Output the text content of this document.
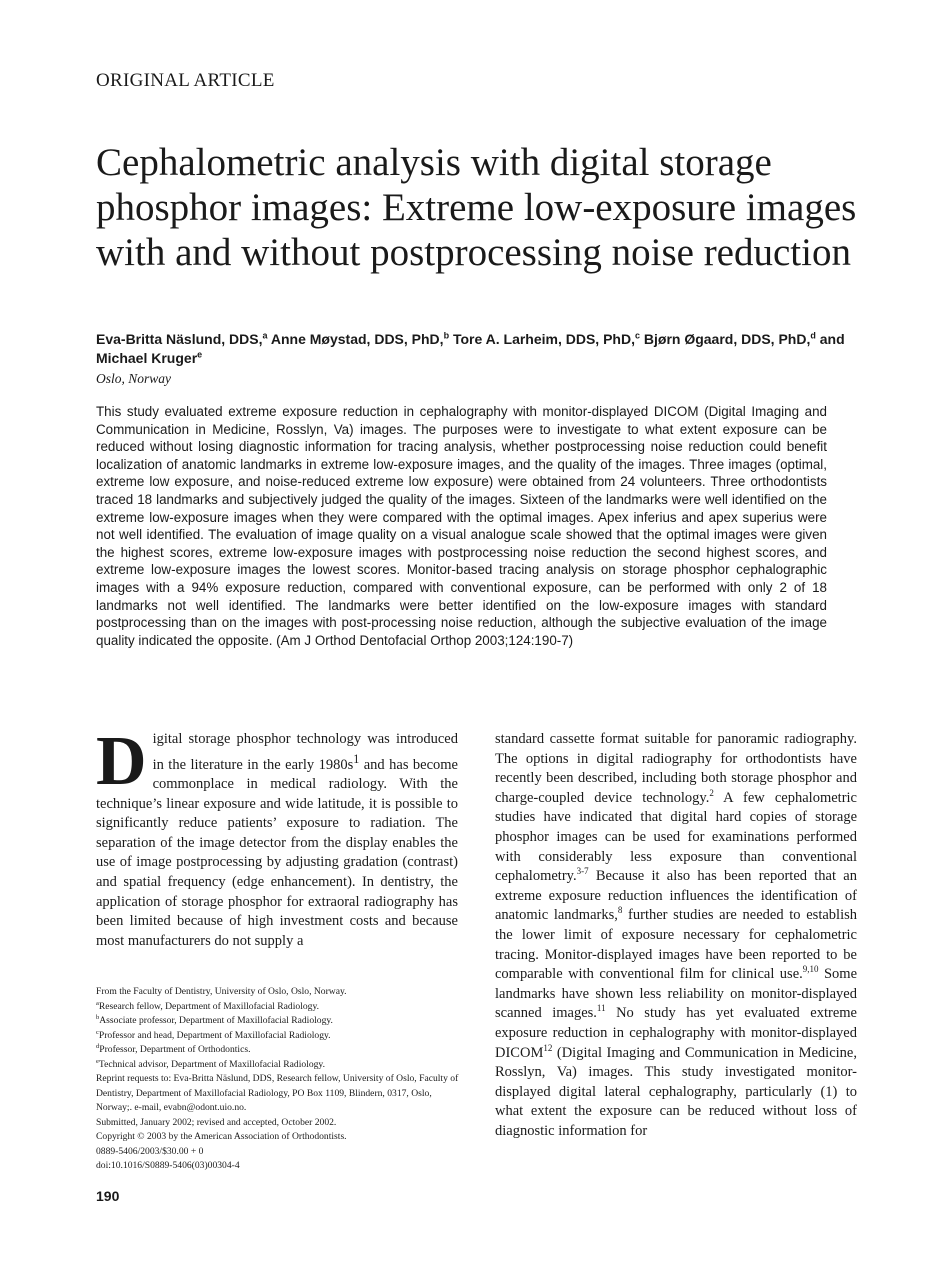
ORIGINAL ARTICLE
Cephalometric analysis with digital storage phosphor images: Extreme low-exposure images with and without postprocessing noise reduction
Eva-Britta Näslund, DDS,$^a$ Anne Møystad, DDS, PhD,$^b$ Tore A. Larheim, DDS, PhD,$^c$ Bjørn Øgaard, DDS, PhD,$^d$ and Michael Kruger$^e$
Oslo, Norway

This study evaluated extreme exposure reduction in cephalography with monitor-displayed DICOM (Digital Imaging and Communication in Medicine, Rosslyn, Va) images. The purposes were to investigate to what extent exposure can be reduced without losing diagnostic information for tracing analysis, whether postprocessing noise reduction could benefit localization of anatomic landmarks in extreme low-exposure images, and the quality of the images. Three images (optimal, extreme low exposure, and noise-reduced extreme low exposure) were obtained from 24 volunteers. Three orthodontists traced 18 landmarks and subjectively judged the quality of the images. Sixteen of the landmarks were well identified on the extreme low-exposure images when they were compared with the optimal images. Apex inferius and apex superius were not well identified. The evaluation of image quality on a visual analogue scale showed that the optimal images were given the highest scores, extreme low-exposure images with postprocessing noise reduction the second highest scores, and extreme low-exposure images the lowest scores. Monitor-based tracing analysis on storage phosphor cephalographic images with a 94% exposure reduction, compared with conventional exposure, can be performed with only 2 of 18 landmarks not well identified. The landmarks were better identified on the low-exposure images with standard postprocessing than on the images with post-processing noise reduction, although the subjective evaluation of the image quality indicated the opposite. (Am J Orthod Dentofacial Orthop 2003;124:190-7)

Digital storage phosphor technology was introduced in the literature in the early $1980s^1$ and has become commonplace in medical radiology. With the technique’s linear exposure and wide latitude, it is possible to significantly reduce patients’ exposure to radiation. The separation of the image detector from the display enables the use of image postprocessing by adjusting gradation (contrast) and spatial frequency (edge enhancement). In dentistry, the application of storage phosphor for extraoral radiography has been limited because of high investment costs and because most manufacturers do not supply a

standard cassette format suitable for panoramic radiography. The options in digital radiography for orthodontists have recently been described, including both storage phosphor and charge-coupled device technology.$^2$ A few cephalometric studies have indicated that digital hard copies of storage phosphor images can be used for examinations performed with considerably less exposure than conventional cephalometry.$^{3-7}$ Because it also has been reported that an extreme exposure reduction influences the identification of anatomic landmarks,$^8$ further studies are needed to establish the lower limit of exposure necessary for cephalometric tracing. Monitor-displayed images have been reported to be comparable with conventional film for clinical use.$^{9,10}$ Some landmarks have shown less reliability on monitor-displayed scanned images.$^{11}$ No study has yet evaluated extreme exposure reduction in cephalography with monitor-displayed DICOM$^{12}$ (Digital Imaging and Communication in Medicine, Rosslyn, Va) images. This study investigated monitor-displayed digital lateral cephalography, particularly (1) to what extent the exposure can be reduced without loss of diagnostic information for

From the Faculty of Dentistry, University of Oslo, Oslo, Norway.
$^a$Research fellow, Department of Maxillofacial Radiology.
$^b$Associate professor, Department of Maxillofacial Radiology.
$^c$Professor and head, Department of Maxillofacial Radiology.
$^d$Professor, Department of Orthodontics.
$^e$Technical advisor, Department of Maxillofacial Radiology.
Reprint requests to: Eva-Britta Näslund, DDS, Research fellow, University of Oslo, Faculty of Dentistry, Department of Maxillofacial Radiology, PO Box 1109, Blindern, 0317, Oslo, Norway;. e-mail, evabn@odont.uio.no.
Submitted, January 2002; revised and accepted, October 2002.
Copyright © 2003 by the American Association of Orthodontists.
0889-5406/2003/$30.00 + 0
doi:10.1016/S0889-5406(03)00304-4
190
